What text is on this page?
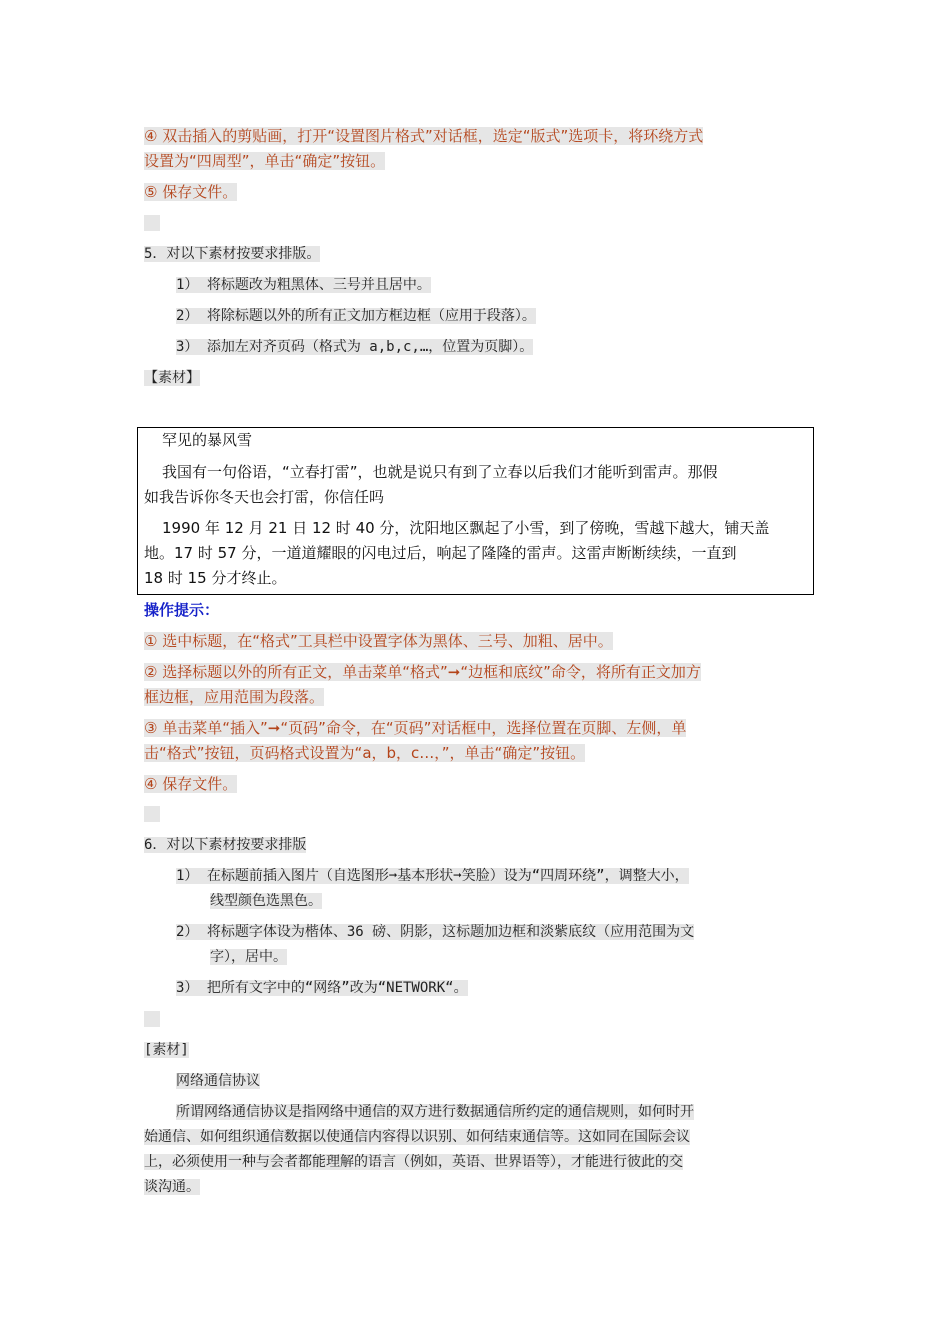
④ 双击插入的剪贴画，打开“设置图片格式”对话框，选定“版式”选项卡，将环绕方式
设置为“四周型”，单击“确定”按钮。

⑤ 保存文件。

5．对以下素材按要求排版。

1） 将标题改为粗黑体、三号并且居中。

2） 将除标题以外的所有正文加方框边框（应用于段落）。

3） 添加左对齐页码（格式为 a,b,c,…，位置为页脚）。

【素材】

罕见的暴风雪

我国有一句俗语，“立春打雷”，也就是说只有到了立春以后我们才能听到雷声。那假
如我告诉你冬天也会打雷，你信任吗

1990 年 12 月 21 日 12 时 40 分，沈阳地区飘起了小雪，到了傍晚，雪越下越大，铺天盖
地。17 时 57 分，一道道耀眼的闪电过后，响起了隆隆的雷声。这雷声断断续续，一直到
18 时 15 分才终止。

操作提示：

① 选中标题，在“格式”工具栏中设置字体为黑体、三号、加粗、居中。

② 选择标题以外的所有正文，单击菜单“格式”➞“边框和底纹”命令，将所有正文加方
框边框，应用范围为段落。

③ 单击菜单“插入”➞“页码”命令，在“页码”对话框中，选择位置在页脚、左侧，单
击“格式”按钮，页码格式设置为“a，b，c…，”，单击“确定”按钮。

④ 保存文件。

6．对以下素材按要求排版

1） 在标题前插入图片（自选图形➞基本形状➞笑脸）设为“四周环绕”，调整大小，
线型颜色选黑色。

2） 将标题字体设为楷体、36 磅、阴影，这标题加边框和淡紫底纹（应用范围为文
字），居中。

3） 把所有文字中的“网络”改为“NETWORK“。

[素材]

网络通信协议

所谓网络通信协议是指网络中通信的双方进行数据通信所约定的通信规则，如何时开
始通信、如何组织通信数据以使通信内容得以识别、如何结束通信等。这如同在国际会议
上，必须使用一种与会者都能理解的语言（例如，英语、世界语等），才能进行彼此的交
谈沟通。
